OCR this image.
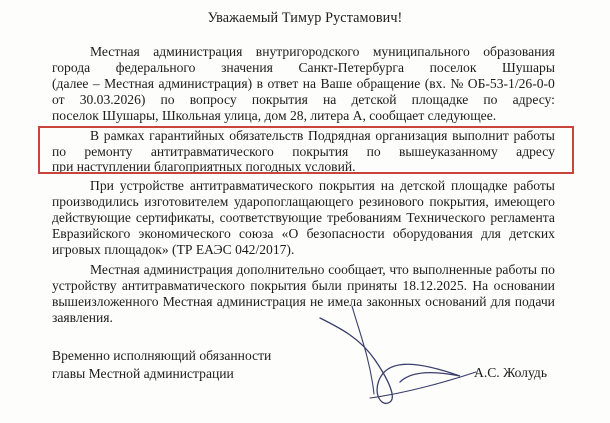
Уважаемый Тимур Рустамович!
Местная администрация внутригородского муниципального образования
города федерального значения Санкт-Петербурга поселок Шушары
(далее – Местная администрация) в ответ на Ваше обращение (вх. № ОБ-53-1/26-0-0
от 30.03.2026) по вопросу покрытия на детской площадке по адресу:
поселок Шушары, Школьная улица, дом 28, литера А, сообщает следующее.
В рамках гарантийных обязательств Подрядная организация выполнит работы
по ремонту антитравматического покрытия по вышеуказанному адресу
при наступлении благоприятных погодных условий.
При устройстве антитравматического покрытия на детской площадке работы
производились изготовителем ударопоглащающего резинового покрытия, имеющего
действующие сертификаты, соответствующие требованиям Технического регламента
Евразийского экономического союза «О безопасности оборудования для детских
игровых площадок» (ТР ЕАЭС 042/2017).
Местная администрация дополнительно сообщает, что выполненные работы по
устройству антитравматического покрытия были приняты 18.12.2025. На основании
вышеизложенного Местная администрация не имела законных оснований для подачи
заявления.
Временно исполняющий обязанности
главы Местной администрации	А.С. Жолудь
